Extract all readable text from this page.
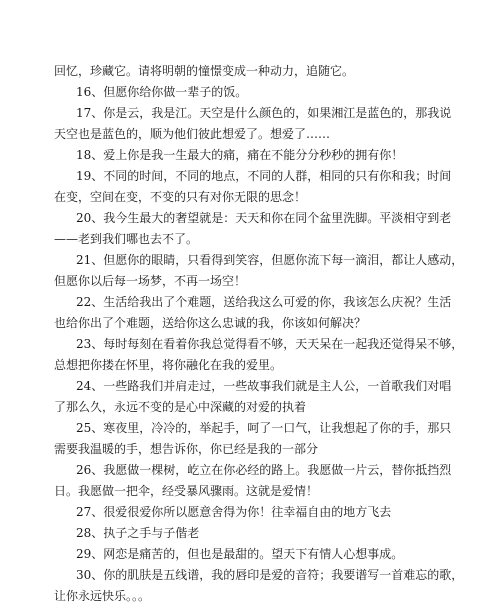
回忆，珍藏它。请将明朝的憧憬变成一种动力，追随它。
16、但愿你给你做一辈子的饭。
17、你是云，我是江。天空是什么颜色的，如果湘江是蓝色的，那我说
天空也是蓝色的，顺为他们彼此想爱了。想爱了……
18、爱上你是我一生最大的痛，痛在不能分分秒秒的拥有你！
19、不同的时间，不同的地点，不同的人群，相同的只有你和我；时间
在变，空间在变，不变的只有对你无限的思念！
20、我今生最大的奢望就是：天天和你在同个盆里洗脚。平淡相守到老
——老到我们哪也去不了。
21、但愿你的眼睛，只看得到笑容，但愿你流下每一滴泪，都让人感动，
但愿你以后每一场梦，不再一场空！
22、生活给我出了个难题，送给我这么可爱的你，我该怎么庆祝？生活
也给你出了个难题，送给你这么忠诚的我，你该如何解决？
23、每时每刻在看着你我总觉得看不够，天天呆在一起我还觉得呆不够，
总想把你搂在怀里，将你融化在我的爱里。
24、一些路我们并肩走过，一些故事我们就是主人公，一首歌我们对唱
了那么久，永远不变的是心中深藏的对爱的执着
25、寒夜里，冷冷的，举起手，呵了一口气，让我想起了你的手，那只
需要我温暖的手，想告诉你，你已经是我的一部分
26、我愿做一棵树，屹立在你必经的路上。我愿做一片云，替你抵挡烈
日。我愿做一把伞，经受暴风骤雨。这就是爱情！
27、很爱很爱你所以愿意舍得为你！往幸福自由的地方飞去
28、执子之手与子偕老
29、网恋是痛苦的，但也是最甜的。望天下有情人心想事成。
30、你的肌肤是五线谱，我的唇印是爱的音符；我要谱写一首难忘的歌，
让你永远快乐。。。
